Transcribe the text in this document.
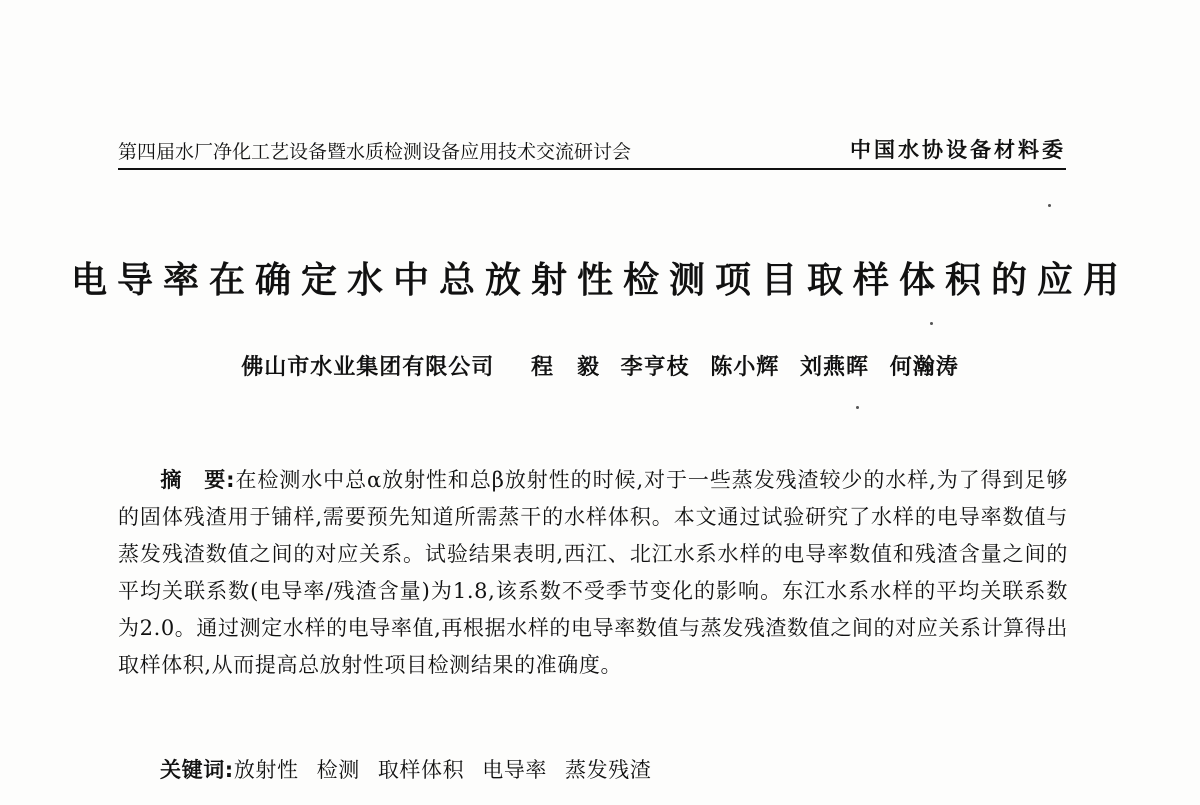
第四届水厂净化工艺设备暨水质检测设备应用技术交流研讨会	中国水协设备材料委
电导率在确定水中总放射性检测项目取样体积的应用
佛山市水业集团有限公司 程　毅 李亨枝 陈小辉 刘燕晖 何瀚涛
摘　要:在检测水中总α放射性和总β放射性的时候,对于一些蒸发残渣较少的水样,为了得到足够的固体残渣用于铺样,需要预先知道所需蒸干的水样体积。本文通过试验研究了水样的电导率数值与蒸发残渣数值之间的对应关系。试验结果表明,西江、北江水系水样的电导率数值和残渣含量之间的平均关联系数(电导率/残渣含量)为1.8,该系数不受季节变化的影响。东江水系水样的平均关联系数为2.0。通过测定水样的电导率值,再根据水样的电导率数值与蒸发残渣数值之间的对应关系计算得出取样体积,从而提高总放射性项目检测结果的准确度。
关键词:放射性 检测 取样体积 电导率 蒸发残渣
